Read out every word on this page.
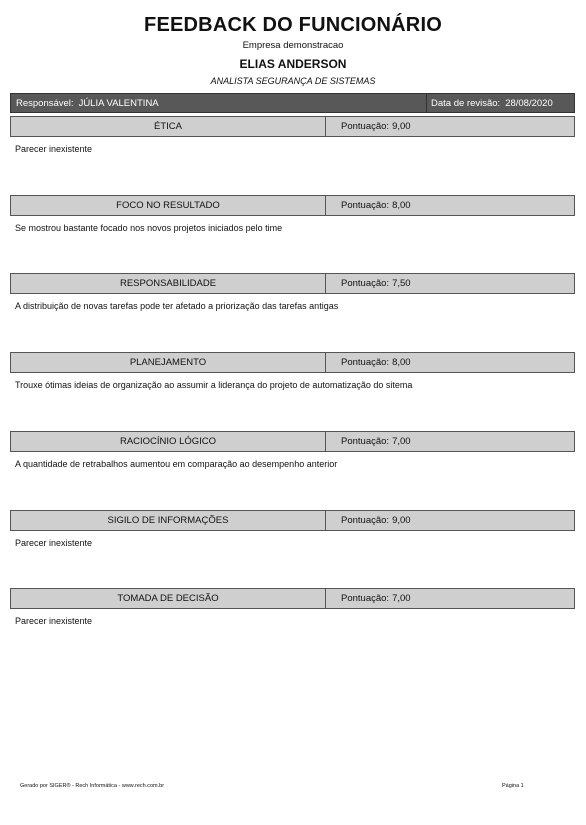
FEEDBACK DO FUNCIONÁRIO
Empresa demonstracao
ELIAS ANDERSON
ANALISTA SEGURANÇA DE SISTEMAS
Responsável: JÚLIA VALENTINA	Data de revisão: 28/08/2020
ÉTICA	Pontuação: 9,00
Parecer inexistente
FOCO NO RESULTADO	Pontuação: 8,00
Se mostrou bastante focado nos novos projetos iniciados pelo time
RESPONSABILIDADE	Pontuação: 7,50
A distribuição de novas tarefas pode ter afetado a priorização das tarefas antigas
PLANEJAMENTO	Pontuação: 8,00
Trouxe ótimas ideias de organização ao assumir a liderança do projeto de automatização do sitema
RACIOCÍNIO LÓGICO	Pontuação: 7,00
A quantidade de retrabalhos aumentou em comparação ao desempenho anterior
SIGILO DE INFORMAÇÕES	Pontuação: 9,00
Parecer inexistente
TOMADA DE DECISÃO	Pontuação: 7,00
Parecer inexistente
Gerado por SIGER® - Rech Informática - www.rech.com.br	Página 1
